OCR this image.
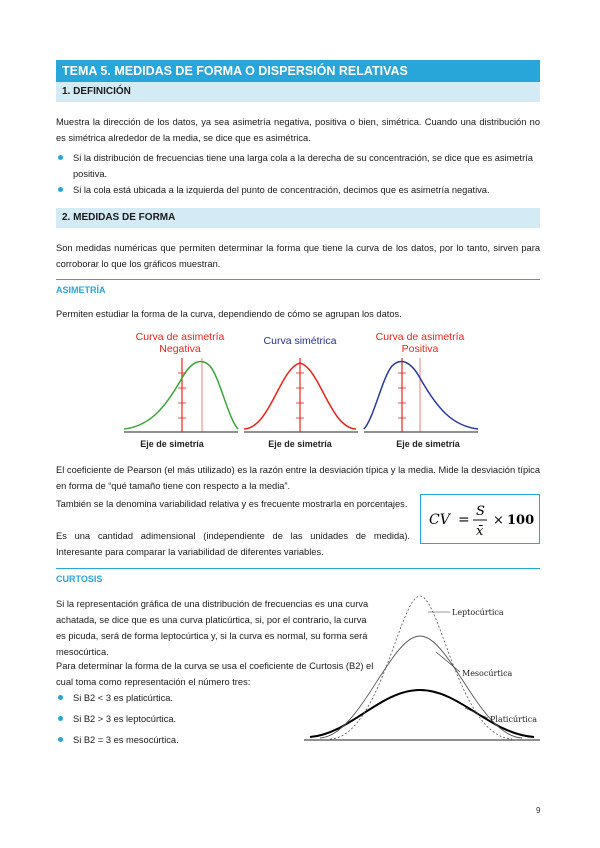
TEMA 5. MEDIDAS DE FORMA O DISPERSIÓN RELATIVAS
1. DEFINICIÓN

Muestra la dirección de los datos, ya sea asimetría negativa, positiva o bien, simétrica. Cuando una distribución no es simétrica alrededor de la media, se dice que es asimétrica.

Si la distribución de frecuencias tiene una larga cola a la derecha de su concentración, se dice que es asimetría positiva.
Si la cola está ubicada a la izquierda del punto de concentración, decimos que es asimetría negativa.
2. MEDIDAS DE FORMA

Son medidas numéricas que permiten determinar la forma que tiene la curva de los datos, por lo tanto, sirven para corroborar lo que los gráficos muestran.

ASIMETRÍA

Permiten estudiar la forma de la curva, dependiendo de cómo se agrupan los datos.

Curva de asimetría
Negativa
Eje de simetría
Curva simétrica
Eje de simetría
Curva de asimetría
Positiva
Eje de simetría

El coeficiente de Pearson (el más utilizado) es la razón entre la desviación típica y la media. Mide la desviación típica en forma de “qué tamaño tiene con respecto a la media”.

También se la denomina variabilidad relativa y es frecuente mostrarla en porcentajes.

Es una cantidad adimensional (independiente de las unidades de medida). Interesante para comparar la variabilidad de diferentes variables.

CV =
S
x̄
× 100
CURTOSIS

Si la representación gráfica de una distribución de frecuencias es una curva achatada, se dice que es una curva platicúrtica, si, por el contrario, la curva es picuda, será de forma leptocúrtica y, si la curva es normal, su forma será mesocúrtica.

Para determinar la forma de la curva se usa el coeficiente de Curtosis (B2) el cual toma como representación el número tres:

Si B2 < 3 es platicúrtica.
Si B2 > 3 es leptocúrtica.
Si B2 = 3 es mesocúrtica.
Leptocúrtica
Mesocúrtica
Platicúrtica
9
